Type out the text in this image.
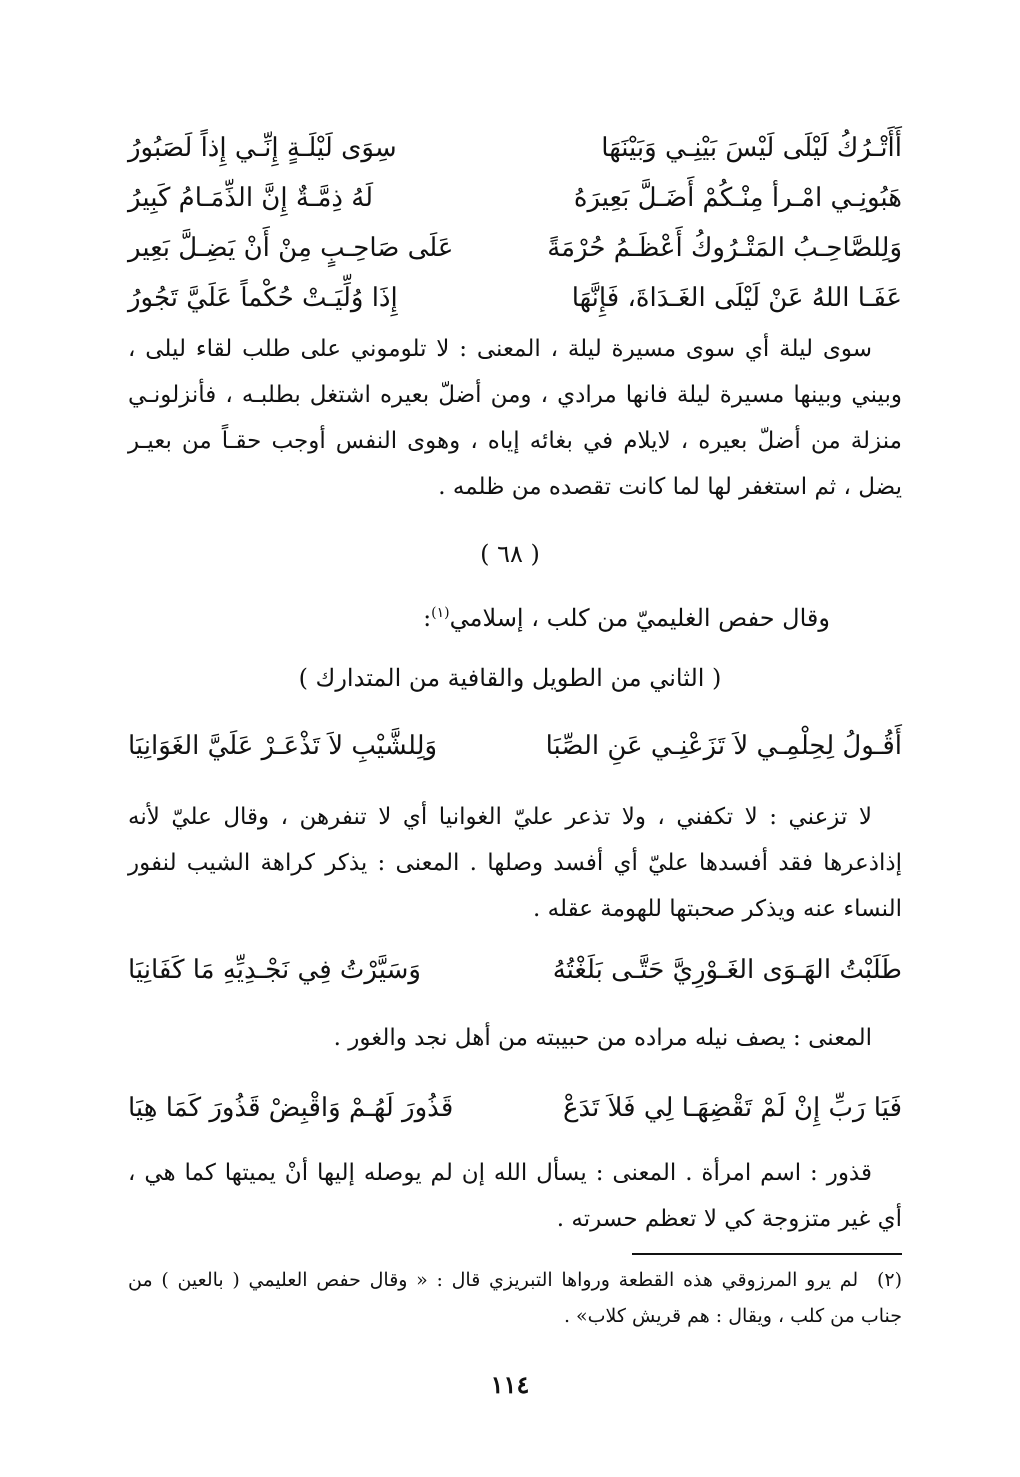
أَأَتْـرُكُ لَيْلَى لَيْسَ بَيْنِـي وَبَيْنَهَا
سِوَى لَيْلَـةٍ إِنِّـي إِذاً لَصَبُورُ
هَبُونِـي امْـرأ مِنْـكُمْ أَضَـلَّ بَعِيرَهُ
لَهُ ذِمَّـةٌ إِنَّ الذِّمَـامُ كَبِيرُ
وَلِلصَّاحِـبُ المَتْـرُوكُ أَعْظَـمُ حُرْمَةً
عَلَى صَاحِـبٍ مِنْ أَنْ يَضِـلَّ بَعِير
عَفَـا اللهُ عَنْ لَيْلَى الغَـدَاةَ، فَإِنَّهَا
إِذَا وُلِّيَـتْ حُكْماً عَلَيَّ تَجُورُ

سوى ليلة أي سوى مسيرة ليلة ، المعنى : لا تلوموني على طلب لقاء ليلى ، وبيني وبينها مسيرة ليلة فانها مرادي ، ومن أضلّ بعيره اشتغل بطلبـه ، فأنزلونـي منزلة من أضلّ بعيره ، لايلام في بغائه إياه ، وهوى النفس أوجب حقـاً من بعيـر يضل ، ثم استغفر لها لما كانت تقصده من ظلمه .

( ٦٨ )
وقال حفص الغليميّ من كلب ، إسلامي$^{(١)}$:
( الثاني من الطويل والقافية من المتدارك )
أَقُـولُ لِحِلْمِـي لاَ تَزَعْنِـي عَنِ الصِّبَا
وَلِلشَّيْبِ لاَ تَذْعَـرْ عَلَيَّ الغَوَانِيَا

لا تزعني : لا تكفني ، ولا تذعر عليّ الغوانيا أي لا تنفرهن ، وقال عليّ لأنه إذاذعرها فقد أفسدها عليّ أي أفسد وصلها . المعنى : يذكر كراهة الشيب لنفور النساء عنه ويذكر صحبتها للهومة عقله .

طَلَبْتُ الهَـوَى الغَـوْرِيَّ حَتَّـى بَلَغْتُهُ
وَسَيَّرْتُ فِي نَجْـدِيِّهِ مَا كَفَانِيَا

المعنى : يصف نيله مراده من حبيبته من أهل نجد والغور .

فَيَا رَبِّ إِنْ لَمْ تَقْضِهَـا لِي فَلاَ تَدَعْ
قَذُورَ لَهُـمْ وَاقْبِضْ قَذُورَ كَمَا هِيَا

قذور : اسم امرأة . المعنى : يسأل الله إن لم يوصله إليها أنْ يميتها كما هي ، أي غير متزوجة كي لا تعظم حسرته .

(٢) لم يرو المرزوقي هذه القطعة ورواها التبريزي قال : « وقال حفص العليمي ( بالعين ) من جناب من كلب ، ويقال : هم قريش كلاب» .
١١٤
